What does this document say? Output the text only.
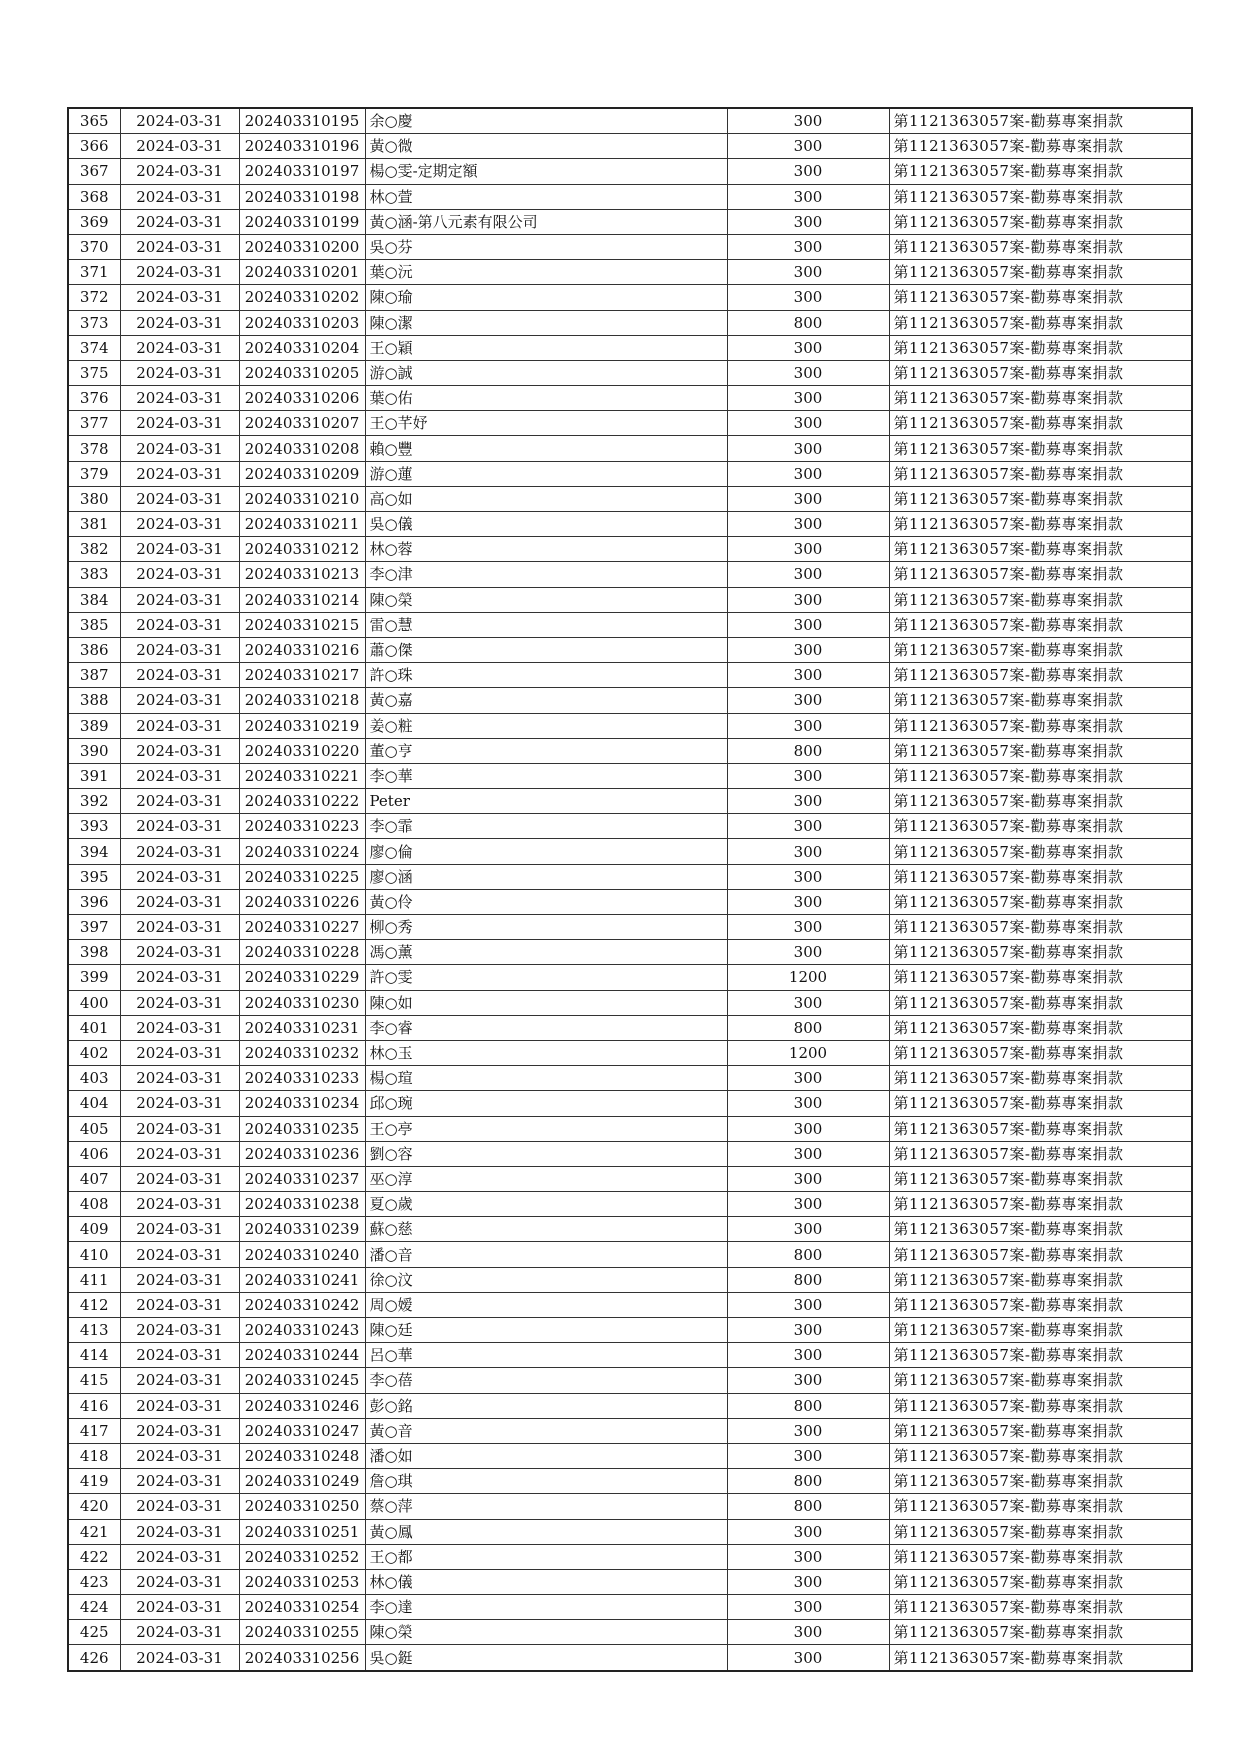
365	2024-03-31	202403310195	余○慶	300	第1121363057案-勸募專案捐款
366	2024-03-31	202403310196	黃○微	300	第1121363057案-勸募專案捐款
367	2024-03-31	202403310197	楊○雯-定期定額	300	第1121363057案-勸募專案捐款
368	2024-03-31	202403310198	林○萱	300	第1121363057案-勸募專案捐款
369	2024-03-31	202403310199	黃○涵-第八元素有限公司	300	第1121363057案-勸募專案捐款
370	2024-03-31	202403310200	吳○芬	300	第1121363057案-勸募專案捐款
371	2024-03-31	202403310201	葉○沅	300	第1121363057案-勸募專案捐款
372	2024-03-31	202403310202	陳○瑜	300	第1121363057案-勸募專案捐款
373	2024-03-31	202403310203	陳○潔	800	第1121363057案-勸募專案捐款
374	2024-03-31	202403310204	王○穎	300	第1121363057案-勸募專案捐款
375	2024-03-31	202403310205	游○誠	300	第1121363057案-勸募專案捐款
376	2024-03-31	202403310206	葉○佑	300	第1121363057案-勸募專案捐款
377	2024-03-31	202403310207	王○芊妤	300	第1121363057案-勸募專案捐款
378	2024-03-31	202403310208	賴○豐	300	第1121363057案-勸募專案捐款
379	2024-03-31	202403310209	游○蓮	300	第1121363057案-勸募專案捐款
380	2024-03-31	202403310210	高○如	300	第1121363057案-勸募專案捐款
381	2024-03-31	202403310211	吳○儀	300	第1121363057案-勸募專案捐款
382	2024-03-31	202403310212	林○蓉	300	第1121363057案-勸募專案捐款
383	2024-03-31	202403310213	李○津	300	第1121363057案-勸募專案捐款
384	2024-03-31	202403310214	陳○榮	300	第1121363057案-勸募專案捐款
385	2024-03-31	202403310215	雷○慧	300	第1121363057案-勸募專案捐款
386	2024-03-31	202403310216	蕭○傑	300	第1121363057案-勸募專案捐款
387	2024-03-31	202403310217	許○珠	300	第1121363057案-勸募專案捐款
388	2024-03-31	202403310218	黃○嘉	300	第1121363057案-勸募專案捐款
389	2024-03-31	202403310219	姜○粧	300	第1121363057案-勸募專案捐款
390	2024-03-31	202403310220	董○亨	800	第1121363057案-勸募專案捐款
391	2024-03-31	202403310221	李○華	300	第1121363057案-勸募專案捐款
392	2024-03-31	202403310222	Peter	300	第1121363057案-勸募專案捐款
393	2024-03-31	202403310223	李○霏	300	第1121363057案-勸募專案捐款
394	2024-03-31	202403310224	廖○倫	300	第1121363057案-勸募專案捐款
395	2024-03-31	202403310225	廖○涵	300	第1121363057案-勸募專案捐款
396	2024-03-31	202403310226	黃○伶	300	第1121363057案-勸募專案捐款
397	2024-03-31	202403310227	柳○秀	300	第1121363057案-勸募專案捐款
398	2024-03-31	202403310228	馮○薰	300	第1121363057案-勸募專案捐款
399	2024-03-31	202403310229	許○雯	1200	第1121363057案-勸募專案捐款
400	2024-03-31	202403310230	陳○如	300	第1121363057案-勸募專案捐款
401	2024-03-31	202403310231	李○睿	800	第1121363057案-勸募專案捐款
402	2024-03-31	202403310232	林○玉	1200	第1121363057案-勸募專案捐款
403	2024-03-31	202403310233	楊○瑄	300	第1121363057案-勸募專案捐款
404	2024-03-31	202403310234	邱○琬	300	第1121363057案-勸募專案捐款
405	2024-03-31	202403310235	王○亭	300	第1121363057案-勸募專案捐款
406	2024-03-31	202403310236	劉○容	300	第1121363057案-勸募專案捐款
407	2024-03-31	202403310237	巫○淳	300	第1121363057案-勸募專案捐款
408	2024-03-31	202403310238	夏○歲	300	第1121363057案-勸募專案捐款
409	2024-03-31	202403310239	蘇○慈	300	第1121363057案-勸募專案捐款
410	2024-03-31	202403310240	潘○音	800	第1121363057案-勸募專案捐款
411	2024-03-31	202403310241	徐○汶	800	第1121363057案-勸募專案捐款
412	2024-03-31	202403310242	周○嫒	300	第1121363057案-勸募專案捐款
413	2024-03-31	202403310243	陳○廷	300	第1121363057案-勸募專案捐款
414	2024-03-31	202403310244	呂○華	300	第1121363057案-勸募專案捐款
415	2024-03-31	202403310245	李○蓓	300	第1121363057案-勸募專案捐款
416	2024-03-31	202403310246	彭○銘	800	第1121363057案-勸募專案捐款
417	2024-03-31	202403310247	黃○音	300	第1121363057案-勸募專案捐款
418	2024-03-31	202403310248	潘○如	300	第1121363057案-勸募專案捐款
419	2024-03-31	202403310249	詹○琪	800	第1121363057案-勸募專案捐款
420	2024-03-31	202403310250	蔡○萍	800	第1121363057案-勸募專案捐款
421	2024-03-31	202403310251	黃○鳳	300	第1121363057案-勸募專案捐款
422	2024-03-31	202403310252	王○都	300	第1121363057案-勸募專案捐款
423	2024-03-31	202403310253	林○儀	300	第1121363057案-勸募專案捐款
424	2024-03-31	202403310254	李○達	300	第1121363057案-勸募專案捐款
425	2024-03-31	202403310255	陳○榮	300	第1121363057案-勸募專案捐款
426	2024-03-31	202403310256	吳○鋌	300	第1121363057案-勸募專案捐款
